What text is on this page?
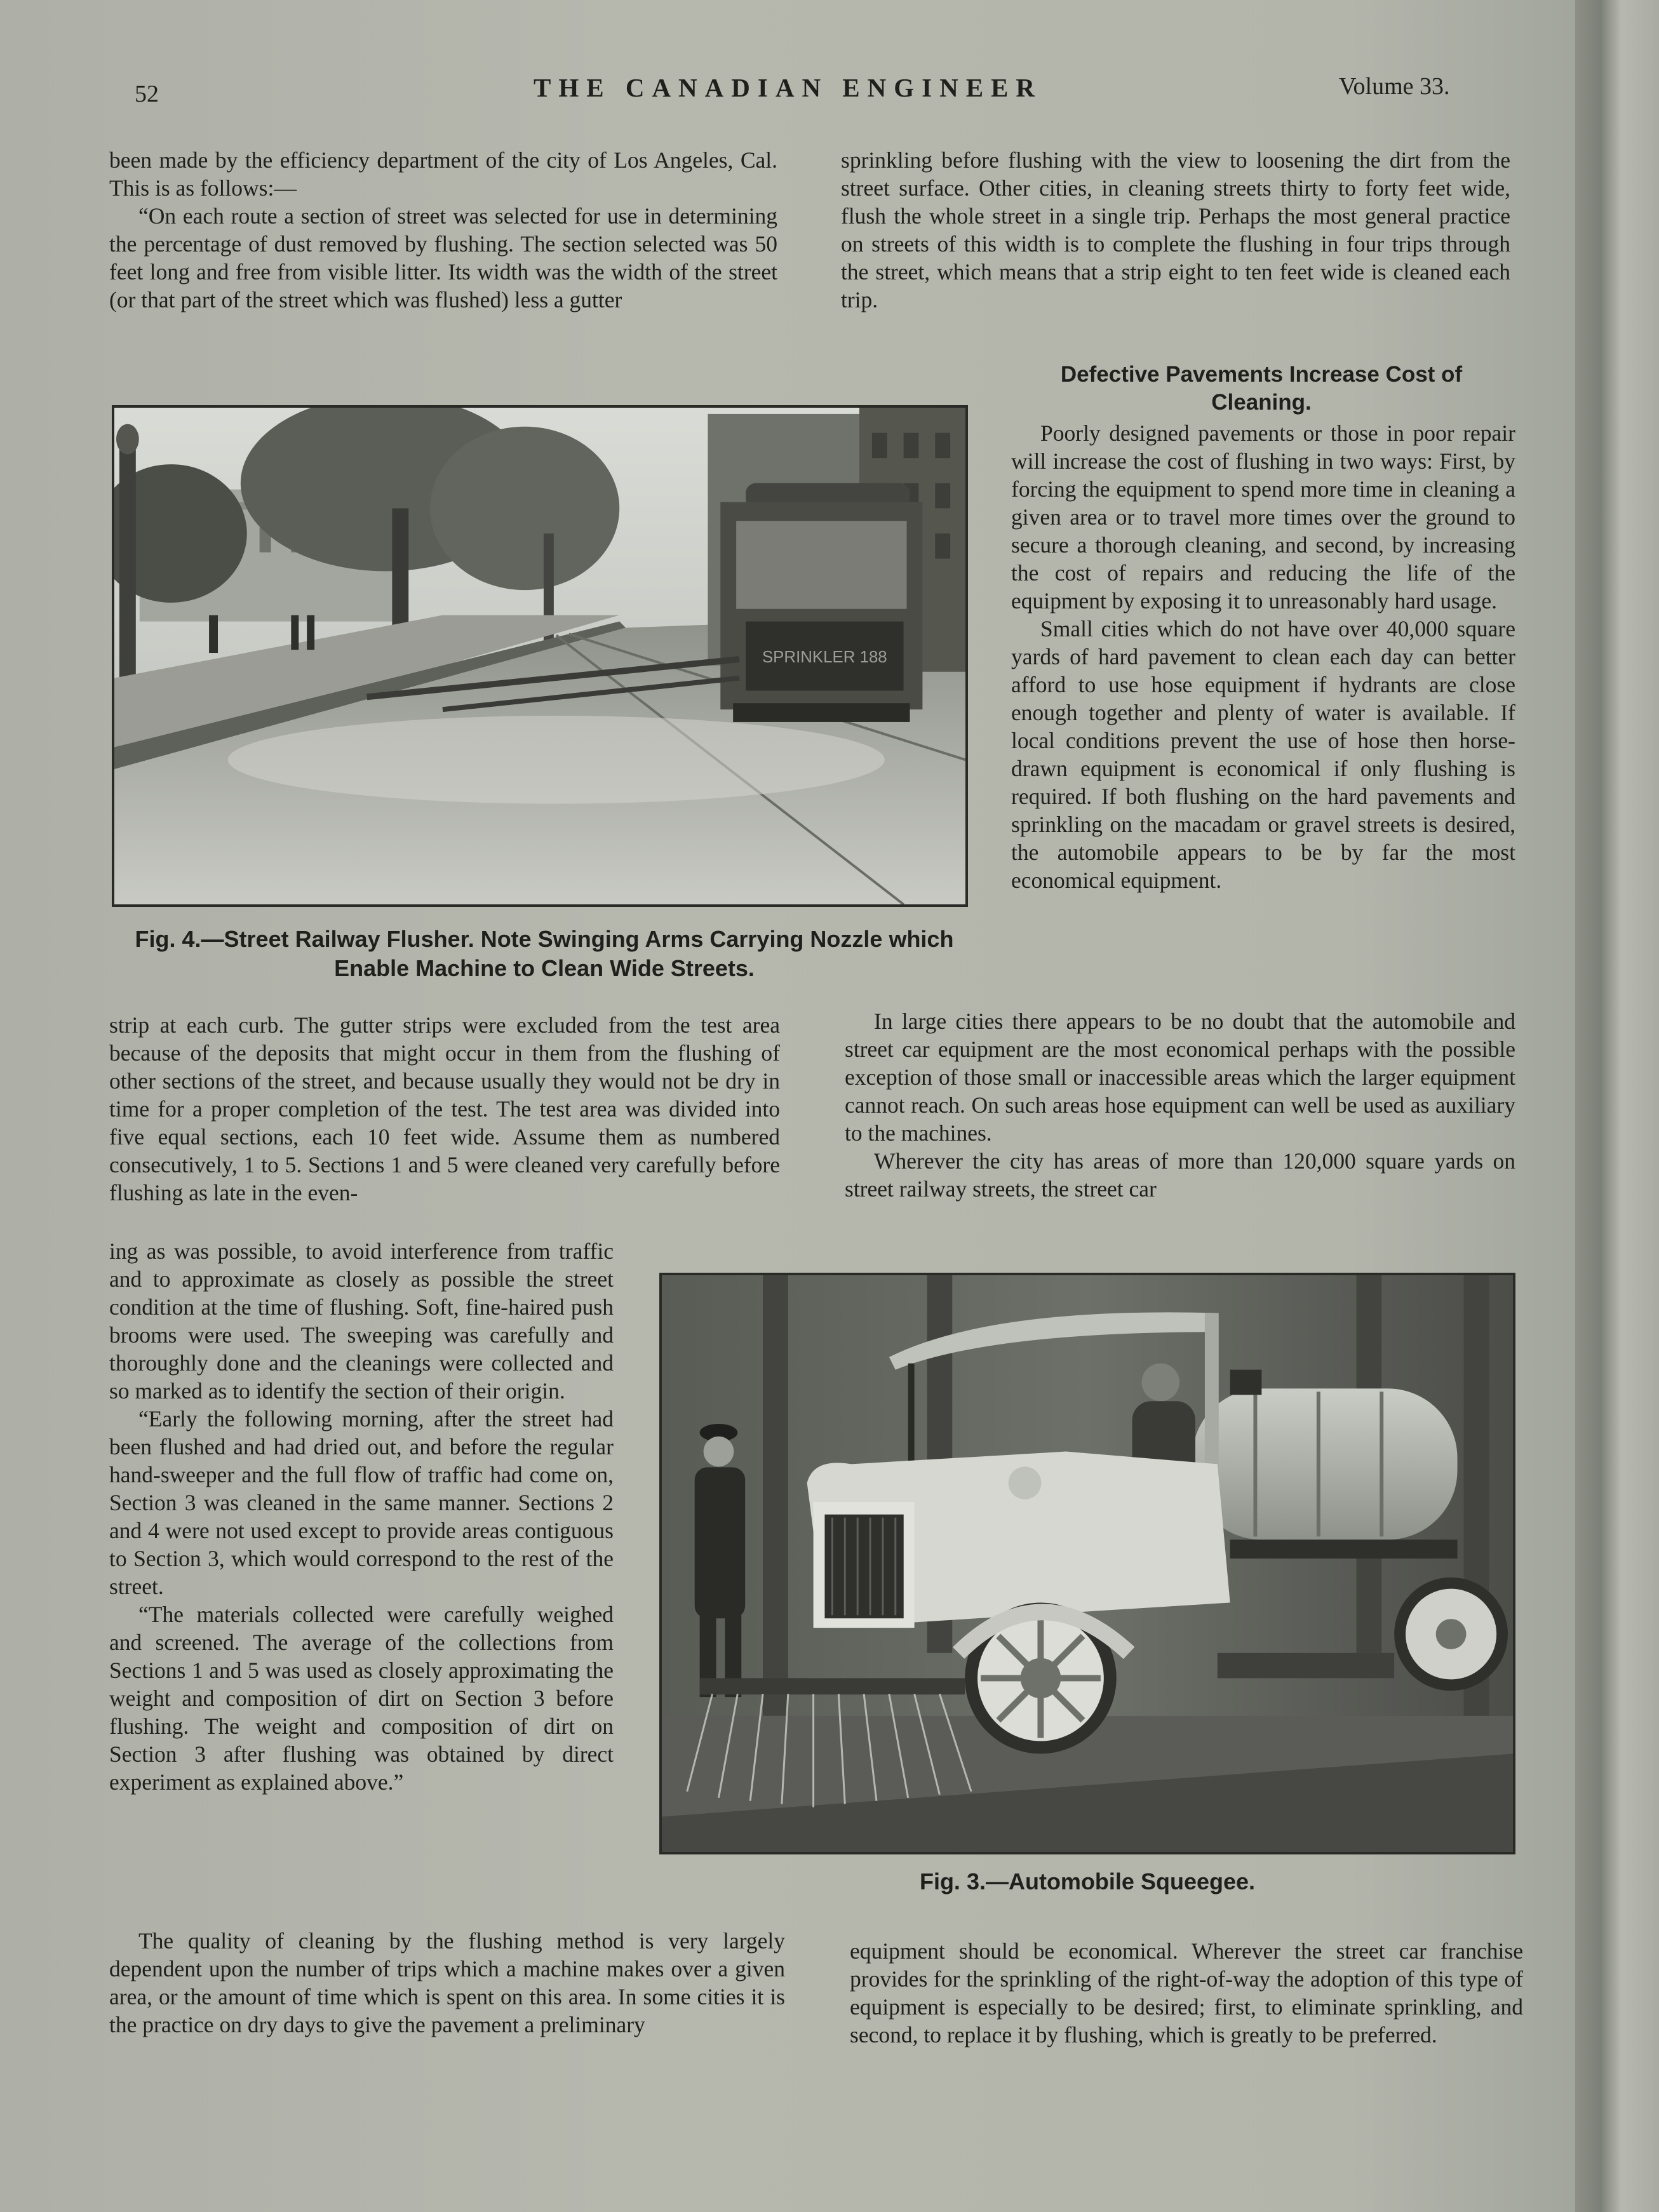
52	THE CANADIAN ENGINEER	Volume 33.

been made by the efficiency department of the city of Los Angeles, Cal. This is as follows:—

“On each route a section of street was selected for use in determining the percentage of dust removed by flushing. The section selected was 50 feet long and free from visible litter. Its width was the width of the street (or that part of the street which was flushed) less a gutter

sprinkling before flushing with the view to loosening the dirt from the street surface. Other cities, in cleaning streets thirty to forty feet wide, flush the whole street in a single trip. Perhaps the most general practice on streets of this width is to complete the flushing in four trips through the street, which means that a strip eight to ten feet wide is cleaned each trip.

Defective Pavements Increase Cost of Cleaning.

Poorly designed pavements or those in poor repair will increase the cost of flushing in two ways: First, by forcing the equipment to spend more time in cleaning a given area or to travel more times over the ground to secure a thorough cleaning, and second, by increasing the cost of repairs and reducing the life of the equipment by exposing it to unreasonably hard usage.

Small cities which do not have over 40,000 square yards of hard pavement to clean each day can better afford to use hose equipment if hydrants are close enough together and plenty of water is available. If local conditions prevent the use of hose then horse-drawn equipment is economical if only flushing is required. If both flushing on the hard pavements and sprinkling on the macadam or gravel streets is desired, the automobile appears to be by far the most economical equipment.

SPRINKLER 188
Fig. 4.—Street Railway Flusher. Note Swinging Arms Carrying Nozzle which Enable Machine to Clean Wide Streets.

strip at each curb. The gutter strips were excluded from the test area because of the deposits that might occur in them from the flushing of other sections of the street, and because usually they would not be dry in time for a proper completion of the test. The test area was divided into five equal sections, each 10 feet wide. Assume them as numbered consecutively, 1 to 5. Sections 1 and 5 were cleaned very carefully before flushing as late in the even-

In large cities there appears to be no doubt that the automobile and street car equipment are the most economical perhaps with the possible exception of those small or inaccessible areas which the larger equipment cannot reach. On such areas hose equipment can well be used as auxiliary to the machines.

Wherever the city has areas of more than 120,000 square yards on street railway streets, the street car

ing as was possible, to avoid interference from traffic and to approximate as closely as possible the street condition at the time of flushing. Soft, fine-haired push brooms were used. The sweeping was carefully and thoroughly done and the cleanings were collected and so marked as to identify the section of their origin.

“Early the following morning, after the street had been flushed and had dried out, and before the regular hand-sweeper and the full flow of traffic had come on, Section 3 was cleaned in the same manner. Sections 2 and 4 were not used except to provide areas contiguous to Section 3, which would correspond to the rest of the street.

“The materials collected were carefully weighed and screened. The average of the collections from Sections 1 and 5 was used as closely approximating the weight and composition of dirt on Section 3 before flushing. The weight and composition of dirt on Section 3 after flushing was obtained by direct experiment as explained above.”

Fig. 3.—Automobile Squeegee.

The quality of cleaning by the flushing method is very largely dependent upon the number of trips which a machine makes over a given area, or the amount of time which is spent on this area. In some cities it is the practice on dry days to give the pavement a preliminary

equipment should be economical. Wherever the street car franchise provides for the sprinkling of the right-of-way the adoption of this type of equipment is especially to be desired; first, to eliminate sprinkling, and second, to replace it by flushing, which is greatly to be preferred.
